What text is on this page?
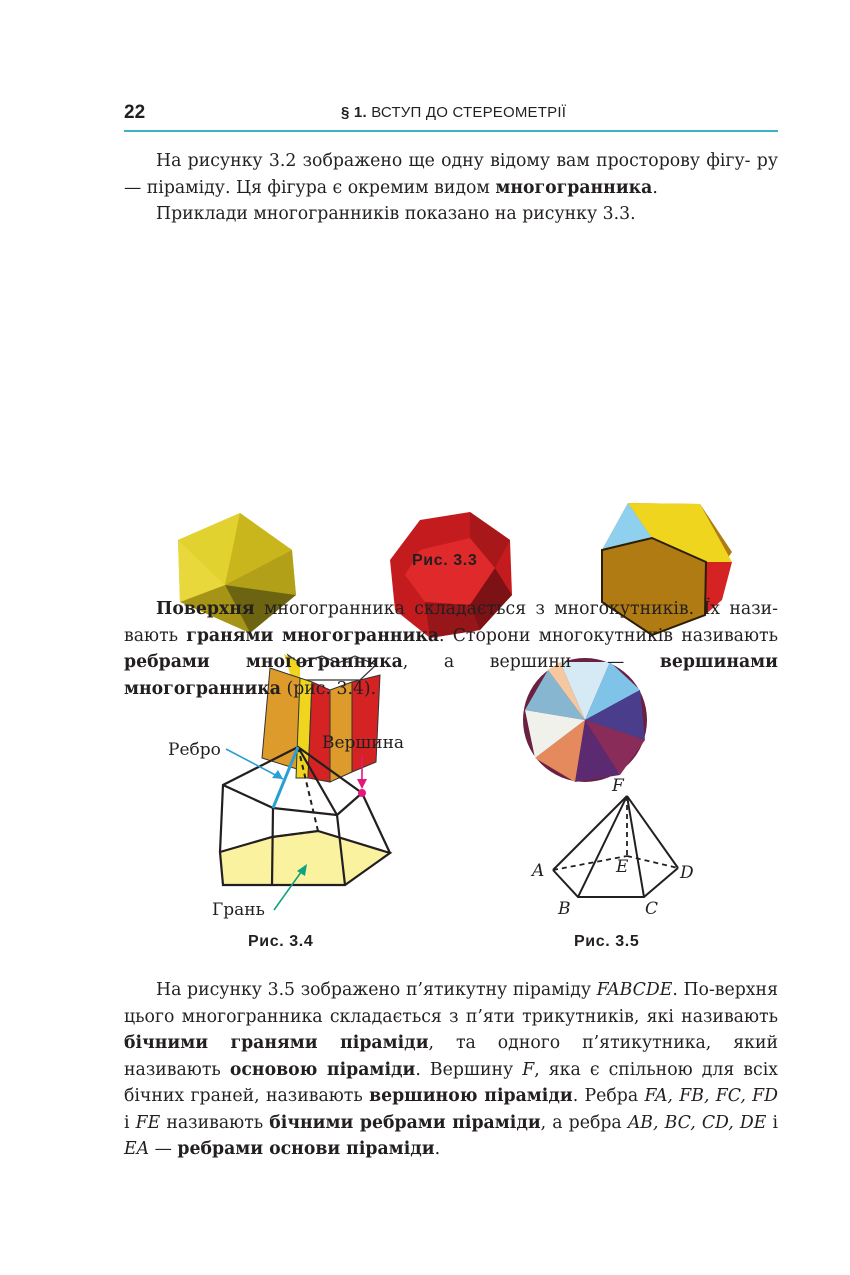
22	§ 1. ВСТУП ДО СТЕРЕОМЕТРІЇ

На рисунку 3.2 зображено ще одну відому вам просторову фігу- ру — піраміду. Ця фігура є окремим видом многогранника.

Приклади многогранників показано на рисунку 3.3.

Рис. 3.3

Поверхня многогранника складається з многокутників. Їх нази-вають гранями многогранника. Сторони многокутників називають ребрами многогранника, а вершини — вершинами многогранника (рис. 3.4).

Ребро	Вершина
Грань
Рис. 3.4
F
A
B	C
D
E
Рис. 3.5

На рисунку 3.5 зображено п’ятикутну піраміду FABCDE. По-верхня цього многогранника складається з п’яти трикутників, які називають бічними гранями піраміди, та одного п’ятикутника, який називають основою піраміди. Вершину F, яка є спільною для всіх бічних граней, називають вершиною піраміди. Ребра FA, FB, FC, FD і FE називають бічними ребрами піраміди, а ребра AB, BC, CD, DE і EA — ребрами основи піраміди.
